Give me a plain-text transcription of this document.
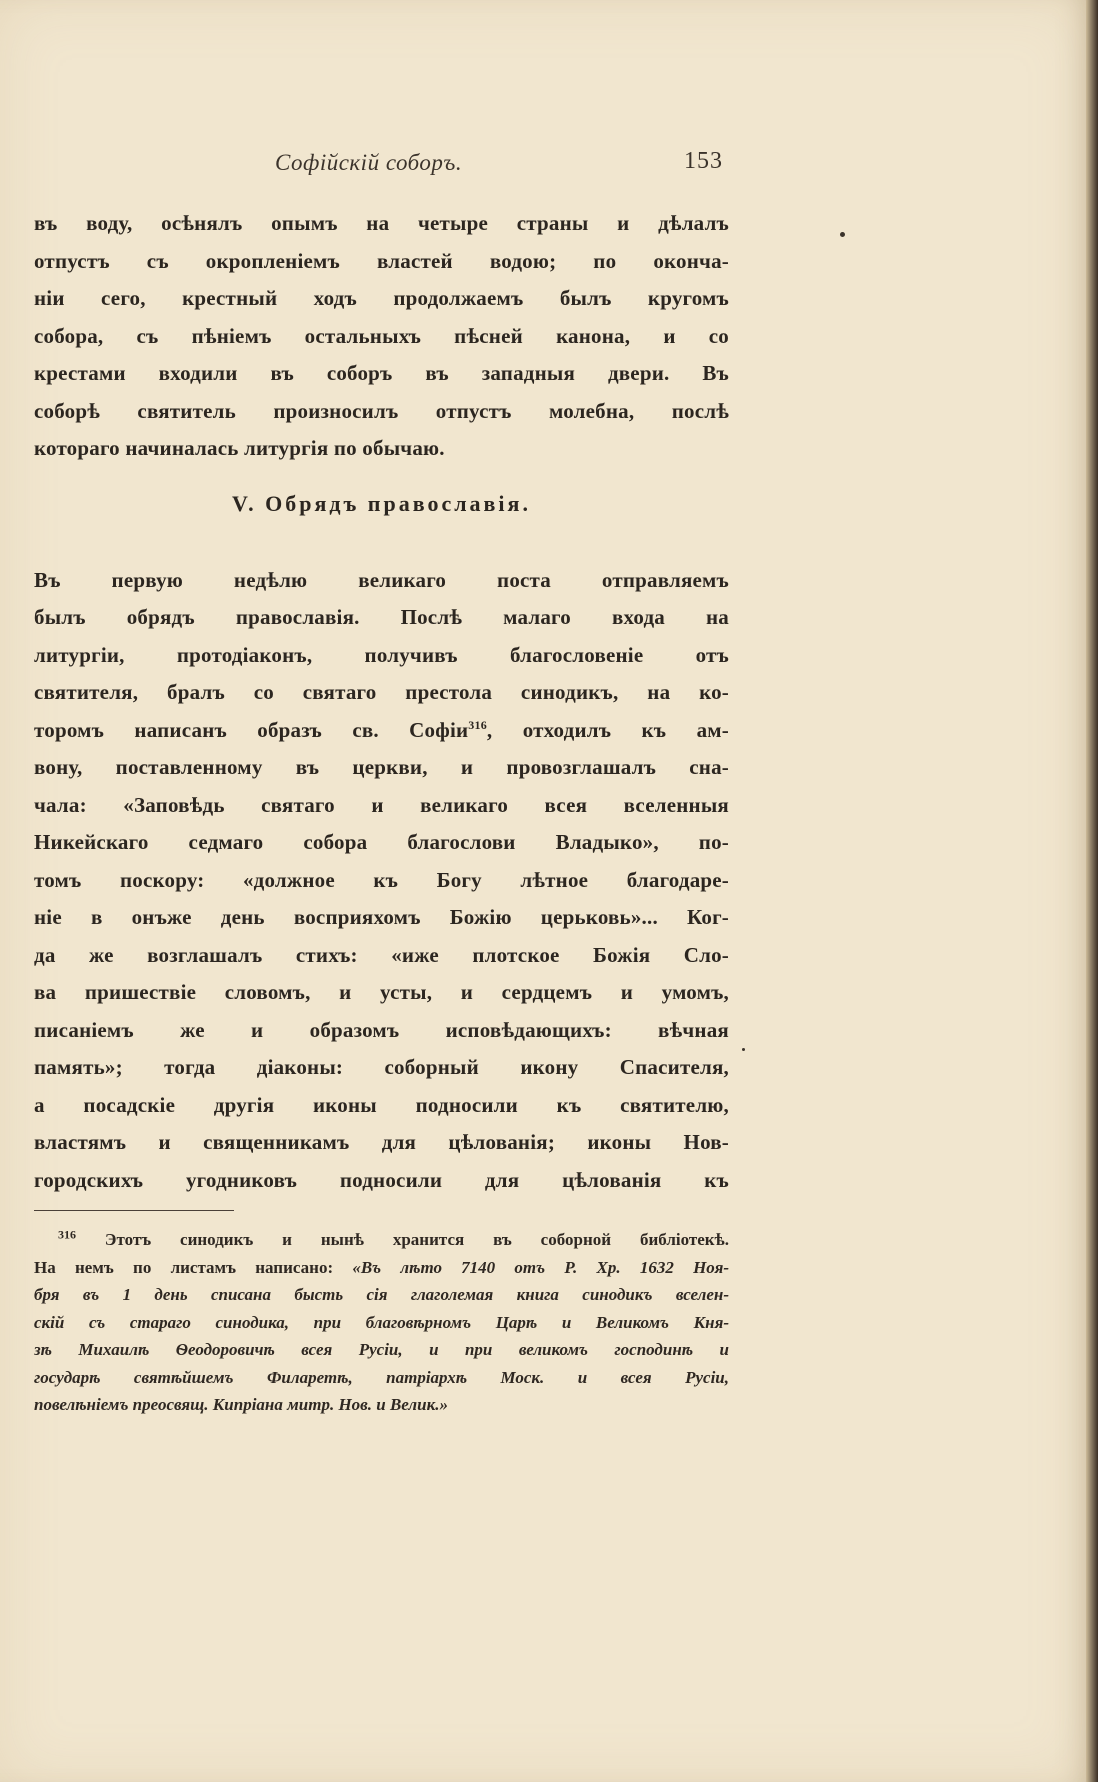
Софійскій соборъ.	153
въ воду, осѣнялъ опымъ на четыре страны и дѣлалъ
отпустъ съ окропленіемъ властей водою; по оконча-
ніи сего, крестный ходъ продолжаемъ былъ кругомъ
собора, съ пѣніемъ остальныхъ пѣсней канона, и со
крестами входили въ соборъ въ западныя двери. Въ
соборѣ святитель произносилъ отпустъ молебна, послѣ
котораго начиналась литургія по обычаю.
V. Обрядъ православія.
Въ первую недѣлю великаго поста отправляемъ
былъ обрядъ православія. Послѣ малаго входа на
литургіи, протодіаконъ, получивъ благословеніе отъ
святителя, бралъ со святаго престола синодикъ, на ко-
торомъ написанъ образъ св. Софіи$^{316}$, отходилъ къ ам-
вону, поставленному въ церкви, и провозглашалъ сна-
чала: «Заповѣдь святаго и великаго всея вселенныя
Никейскаго седмаго собора благослови Владыко», по-
томъ поскору: «должное къ Богу лѣтное благодаре-
ніе в онъже день восприяхомъ Божію церьковь»... Ког-
да же возглашалъ стихъ: «иже плотское Божія Сло-
ва пришествіе словомъ, и усты, и сердцемъ и умомъ,
писаніемъ же и образомъ исповѣдающихъ: вѣчная
память»; тогда діаконы: соборный икону Спасителя,
а посадскіе другія иконы подносили къ святителю,
властямъ и священникамъ для цѣлованія; иконы Нов-
городскихъ угодниковъ подносили для цѣлованія къ
$^{316}$ Этотъ синодикъ и нынѣ хранится въ соборной библіотекѣ.
На немъ по листамъ написано: «Въ лѣто 7140 отъ Р. Хр. 1632 Ноя-
бря въ 1 день списана бысть сія глаголемая книга синодикъ вселен-
скій съ стараго синодика, при благовѣрномъ Царѣ и Великомъ Кня-
зѣ Михаилѣ Ѳеодоровичѣ всея Русіи, и при великомъ господинѣ и
государѣ святѣйшемъ Филаретѣ, патріархѣ Моск. и всея Русіи,
повелѣніемъ преосвящ. Кипріана митр. Нов. и Велик.»
